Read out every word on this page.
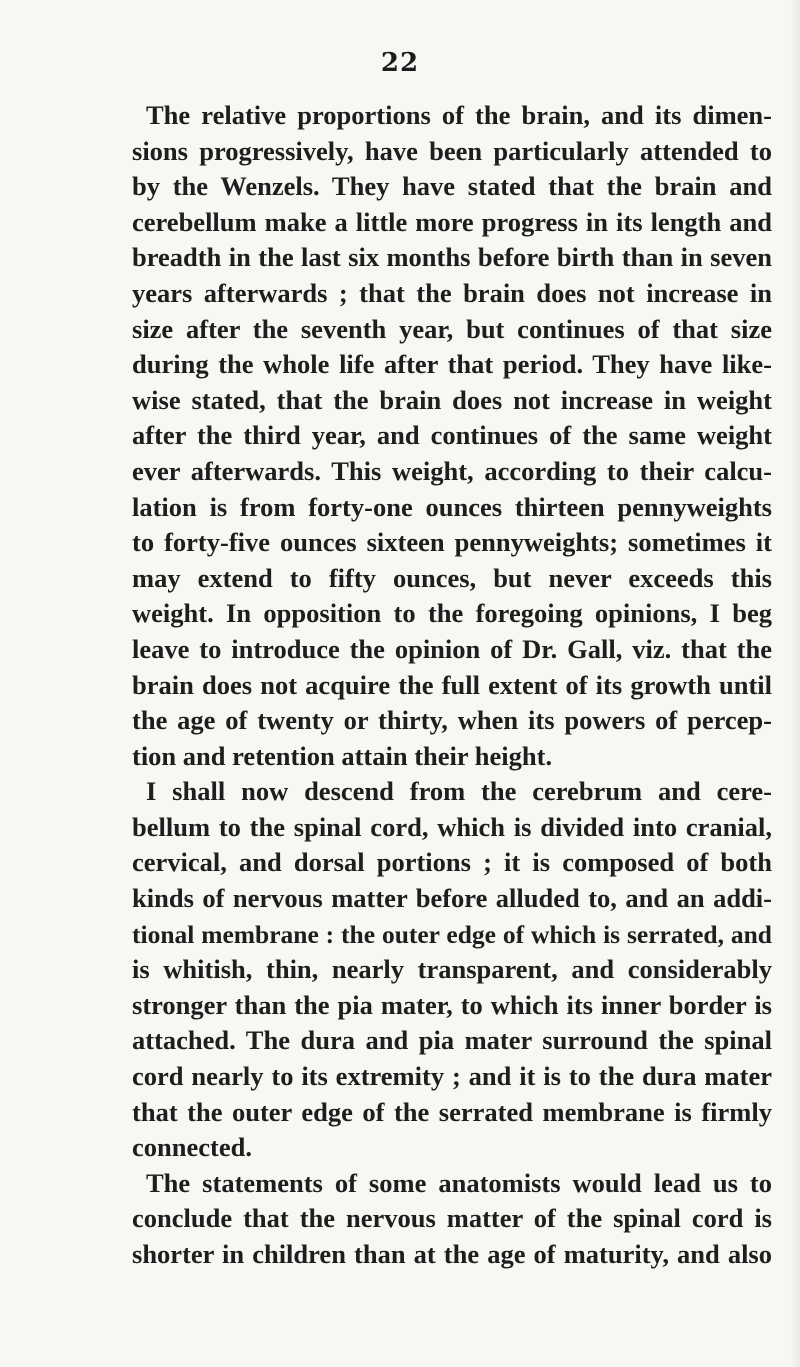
22
The relative proportions of the brain, and its dimen-
sions progressively, have been particularly attended to
by the Wenzels. They have stated that the brain and
cerebellum make a little more progress in its length and
breadth in the last six months before birth than in seven
years afterwards ; that the brain does not increase in
size after the seventh year, but continues of that size
during the whole life after that period. They have like-
wise stated, that the brain does not increase in weight
after the third year, and continues of the same weight
ever afterwards. This weight, according to their calcu-
lation is from forty-one ounces thirteen pennyweights
to forty-five ounces sixteen pennyweights; sometimes it
may extend to fifty ounces, but never exceeds this
weight. In opposition to the foregoing opinions, I beg
leave to introduce the opinion of Dr. Gall, viz. that the
brain does not acquire the full extent of its growth until
the age of twenty or thirty, when its powers of percep-
tion and retention attain their height.
I shall now descend from the cerebrum and cere-
bellum to the spinal cord, which is divided into cranial,
cervical, and dorsal portions ; it is composed of both
kinds of nervous matter before alluded to, and an addi-
tional membrane : the outer edge of which is serrated, and
is whitish, thin, nearly transparent, and considerably
stronger than the pia mater, to which its inner border is
attached. The dura and pia mater surround the spinal
cord nearly to its extremity ; and it is to the dura mater
that the outer edge of the serrated membrane is firmly
connected.
The statements of some anatomists would lead us to
conclude that the nervous matter of the spinal cord is
shorter in children than at the age of maturity, and also
